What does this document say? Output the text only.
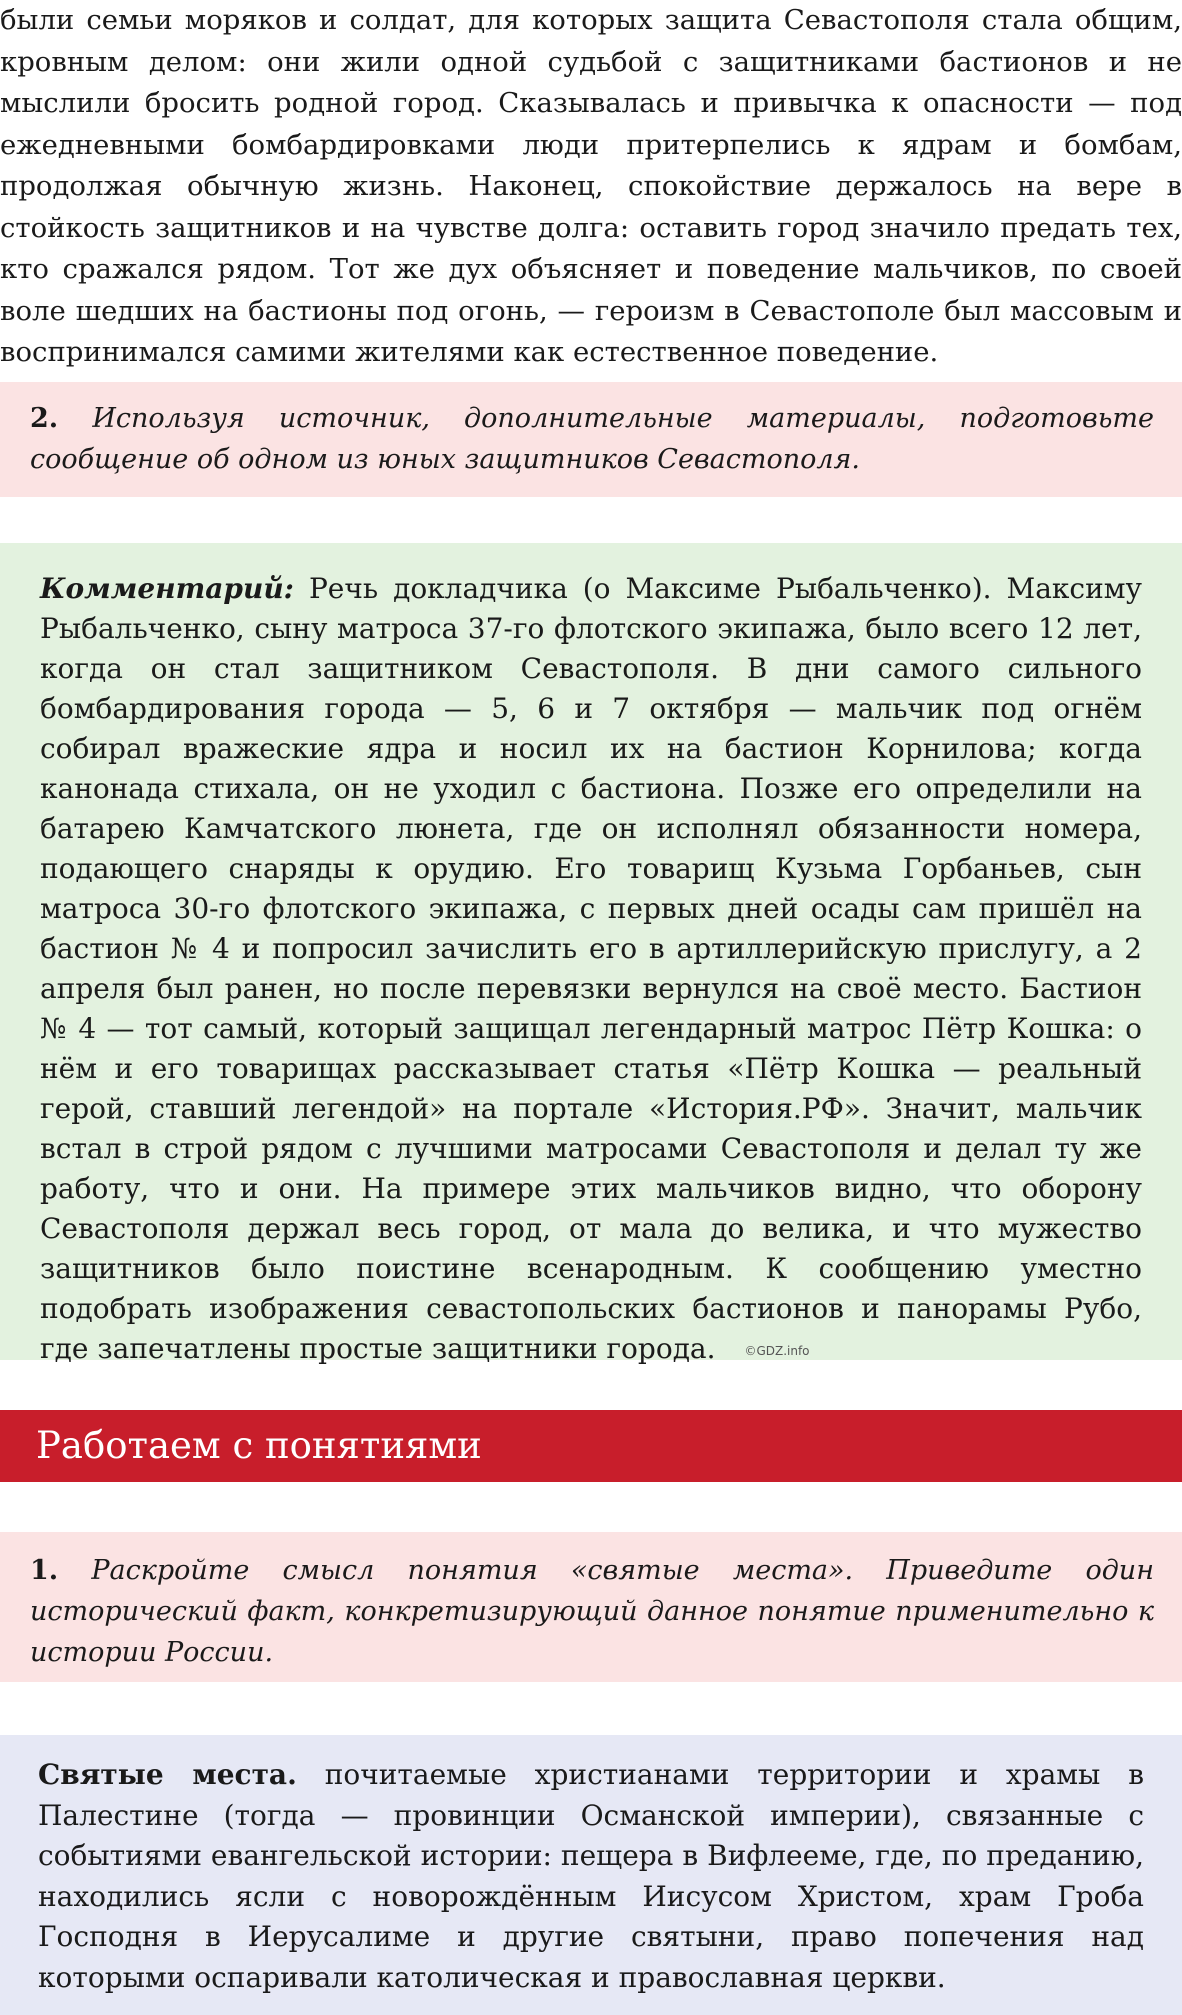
были семьи моряков и солдат, для которых защита Севастополя стала общим, кровным делом: они жили одной судьбой с защитниками бастионов и не мыслили бросить родной город. Сказывалась и привычка к опасности — под ежедневными бомбардировками люди притерпелись к ядрам и бомбам, продолжая обычную жизнь. Наконец, спокойствие держалось на вере в стойкость защитников и на чувстве долга: оставить город значило предать тех, кто сражался рядом. Тот же дух объясняет и поведение мальчиков, по своей воле шедших на бастионы под огонь, — героизм в Севастополе был массовым и воспринимался самими жителями как естественное поведение.

2. Используя источник, дополнительные материалы, подготовьте сообщение об одном из юных защитников Севастополя.
Комментарий: Речь докладчика (о Максиме Рыбальченко). Максиму Рыбальченко, сыну матроса 37-го флотского экипажа, было всего 12 лет, когда он стал защитником Севастополя. В дни самого сильного бомбардирования города — 5, 6 и 7 октября — мальчик под огнём собирал вражеские ядра и носил их на бастион Корнилова; когда канонада стихала, он не уходил с бастиона. Позже его определили на батарею Камчатского люнета, где он исполнял обязанности номера, подающего снаряды к орудию. Его товарищ Кузьма Горбаньев, сын матроса 30-го флотского экипажа, с первых дней осады сам пришёл на бастион № 4 и попросил зачислить его в артиллерийскую прислугу, а 2 апреля был ранен, но после перевязки вернулся на своё место. Бастион № 4 — тот самый, который защищал легендарный матрос Пётр Кошка: о нём и его товарищах рассказывает статья «Пётр Кошка — реальный герой, ставший легендой» на портале «История.РФ». Значит, мальчик встал в строй рядом с лучшими матросами Севастополя и делал ту же работу, что и они. На примере этих мальчиков видно, что оборону Севастополя держал весь город, от мала до велика, и что мужество защитников было поистине всенародным. К сообщению уместно подобрать изображения севастопольских бастионов и панорамы Рубо, где запечатлены простые защитники города. ©GDZ.info
Работаем с понятиями
1. Раскройте смысл понятия «святые места». Приведите один исторический факт, конкретизирующий данное понятие применительно к истории России.
Святые места. почитаемые христианами территории и храмы в Палестине (тогда — провинции Османской империи), связанные с событиями евангельской истории: пещера в Вифлееме, где, по преданию, находились ясли с новорождённым Иисусом Христом, храм Гроба Господня в Иерусалиме и другие святыни, право попечения над которыми оспаривали католическая и православная церкви.
